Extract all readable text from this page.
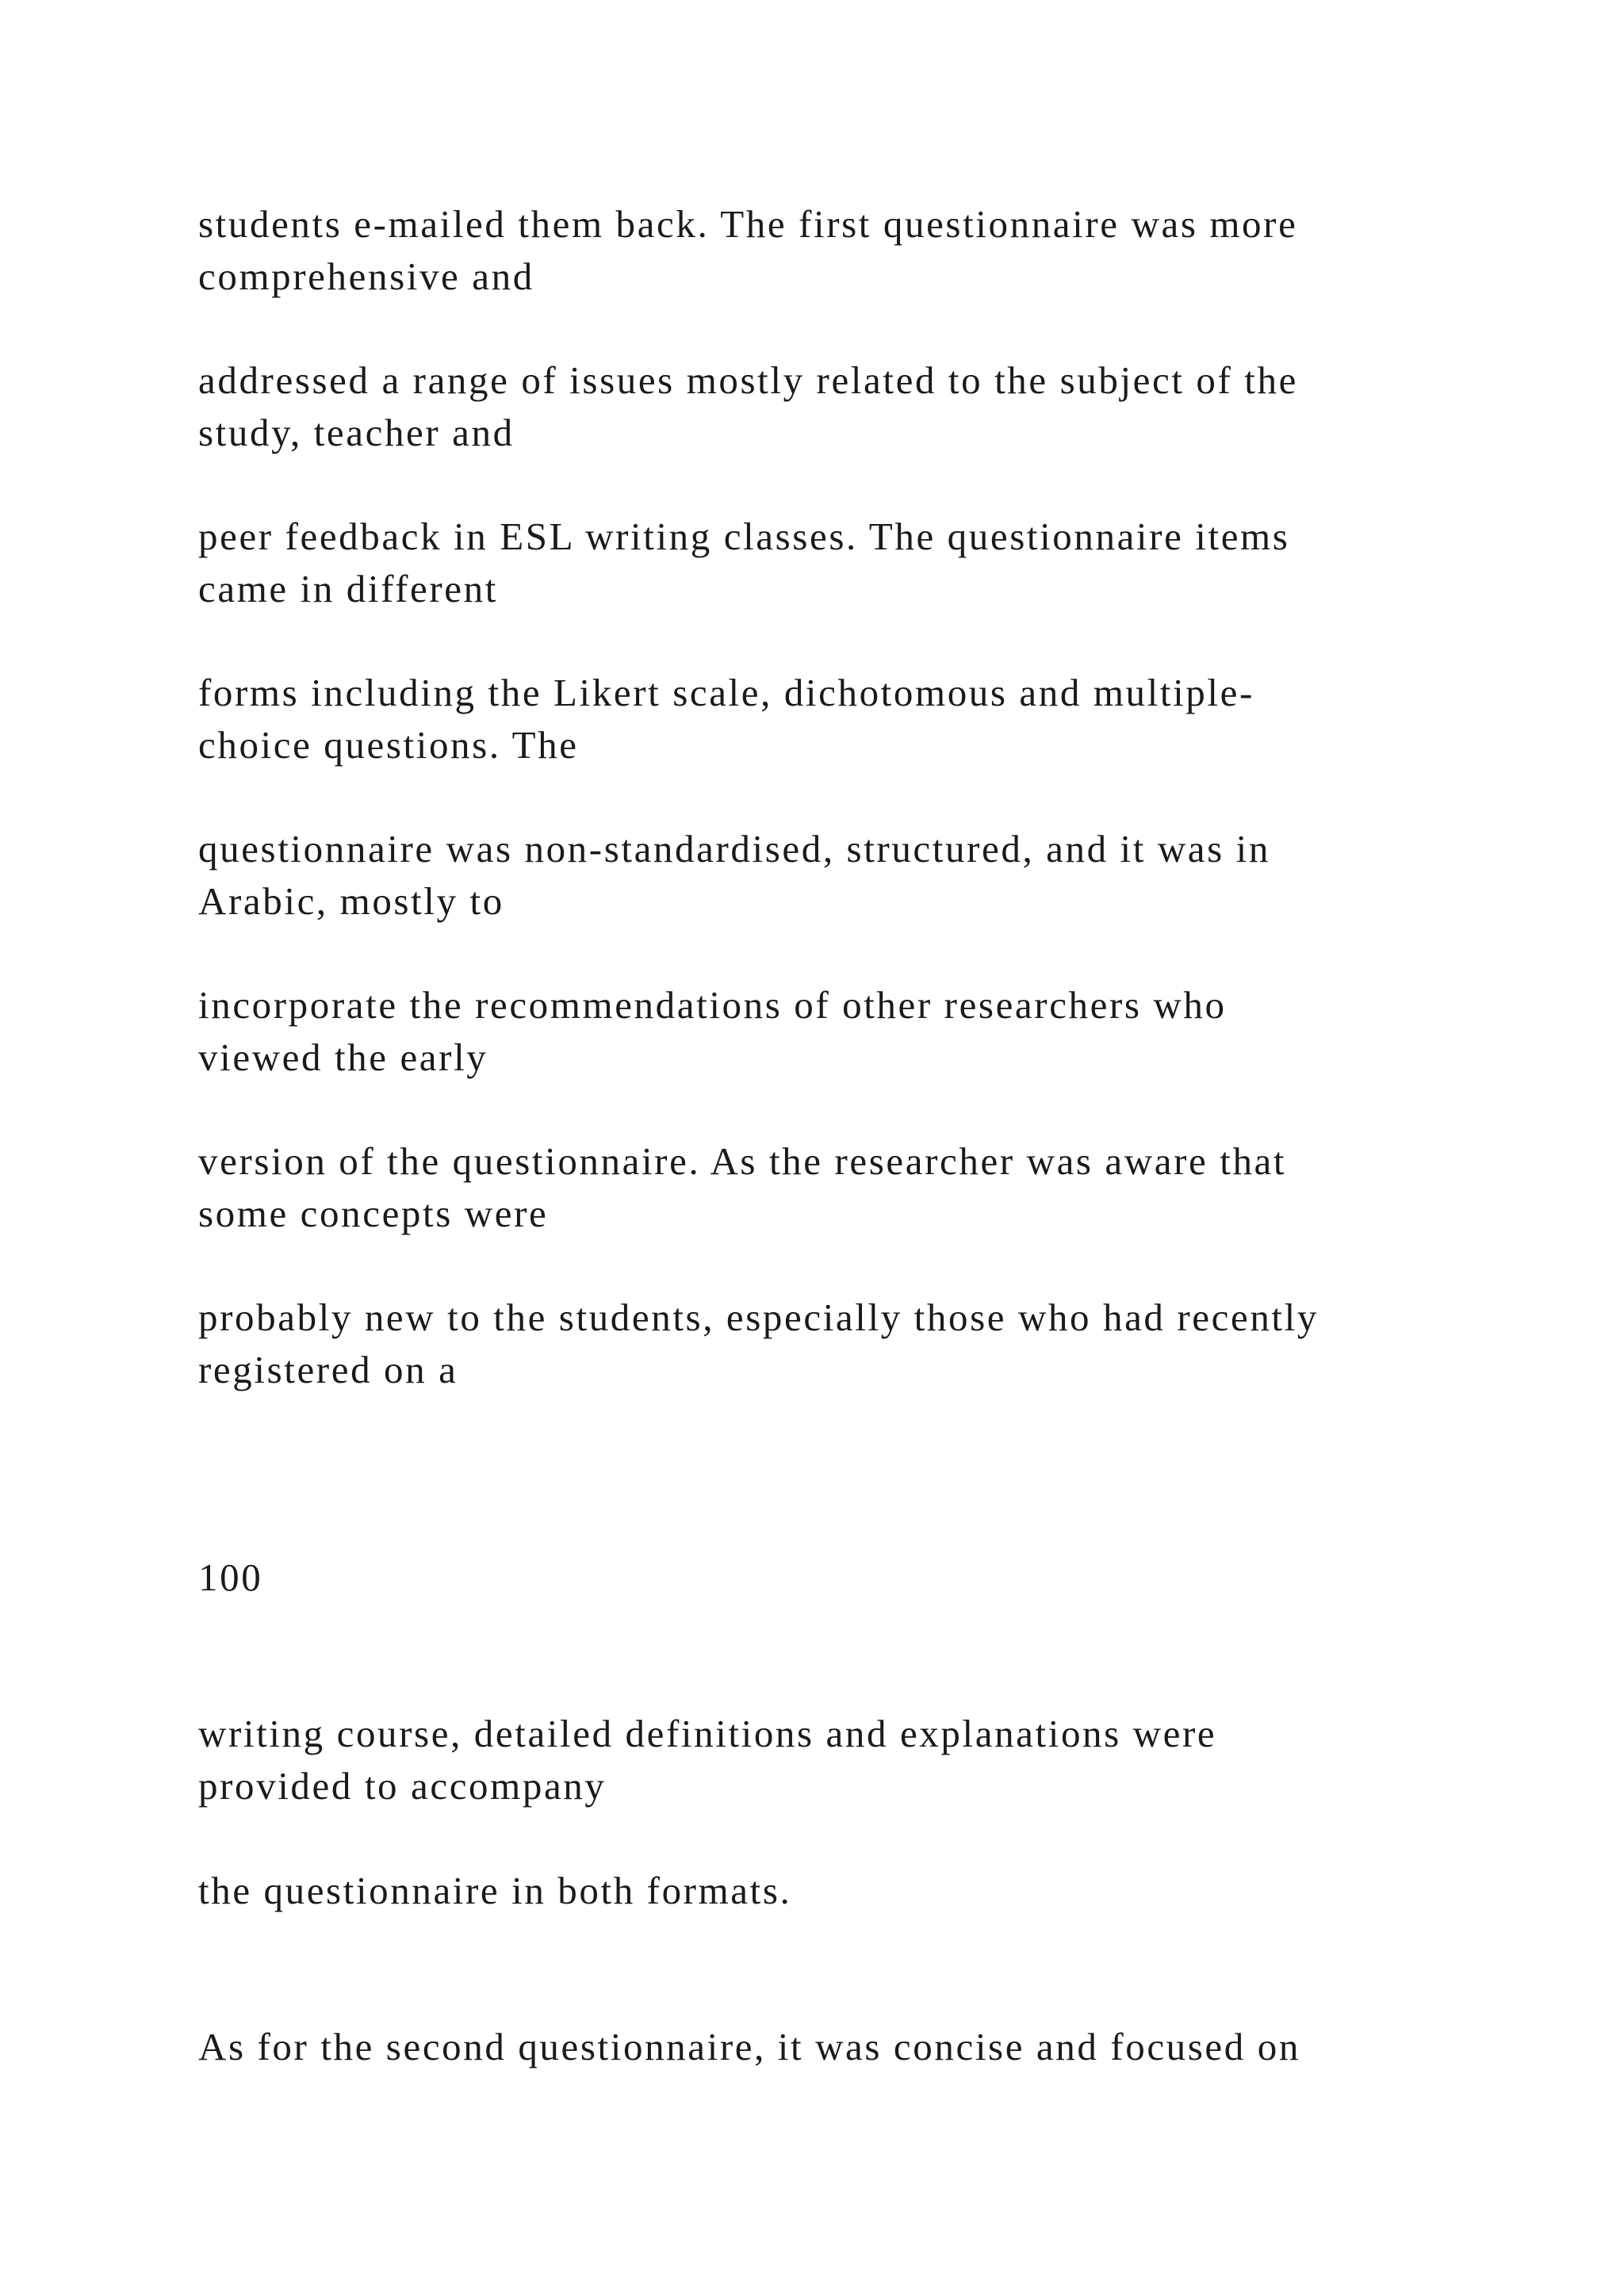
students e-mailed them back. The first questionnaire was more

comprehensive and

addressed a range of issues mostly related to the subject of the

study, teacher and

peer feedback in ESL writing classes. The questionnaire items

came in different

forms including the Likert scale, dichotomous and multiple-

choice questions. The

questionnaire was non-standardised, structured, and it was in

Arabic, mostly to

incorporate the recommendations of other researchers who

viewed the early

version of the questionnaire. As the researcher was aware that

some concepts were

probably new to the students, especially those who had recently

registered on a

100

writing course, detailed definitions and explanations were

provided to accompany

the questionnaire in both formats.

As for the second questionnaire, it was concise and focused on
